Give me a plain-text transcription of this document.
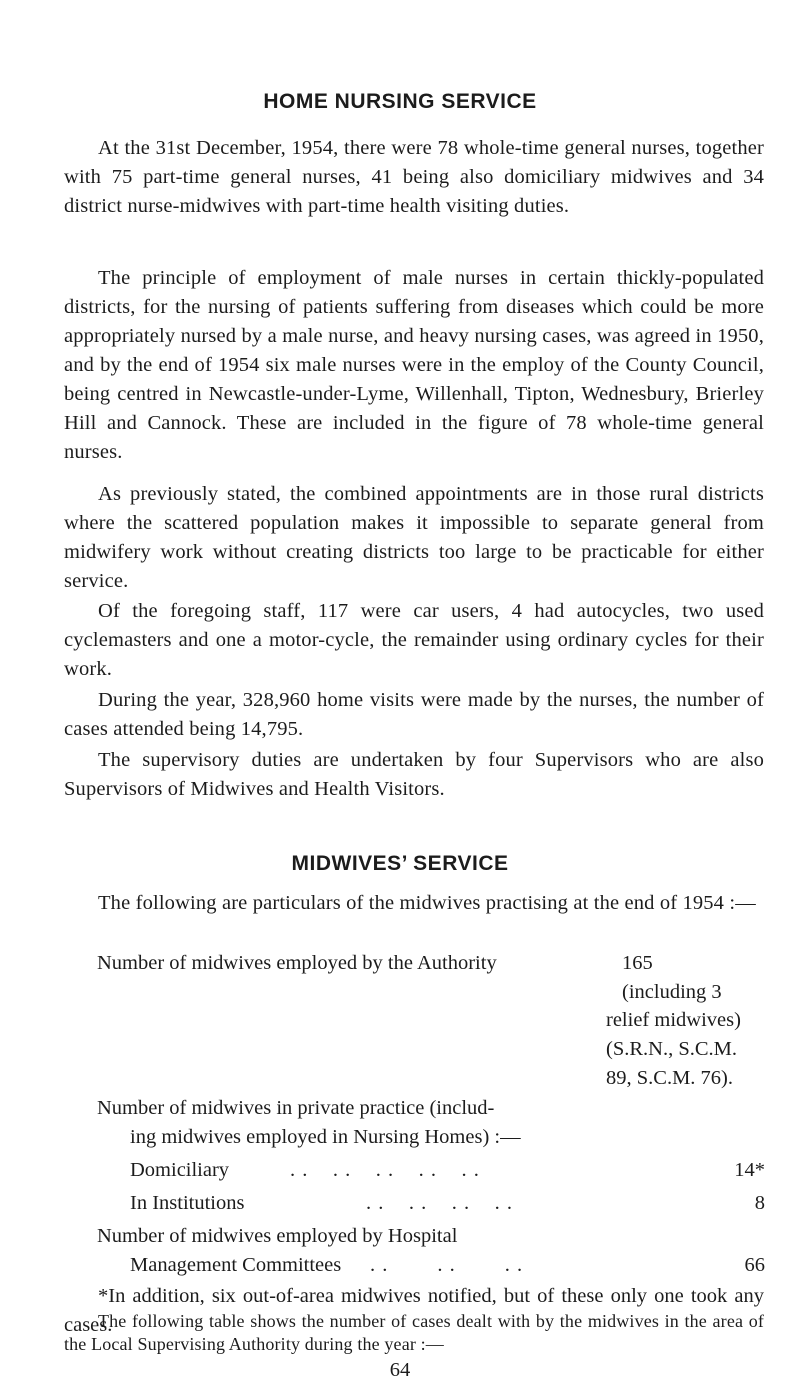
HOME NURSING SERVICE

At the 31st December, 1954, there were 78 whole-time general nurses, together with 75 part-time general nurses, 41 being also domiciliary midwives and 34 district nurse-midwives with part-time health visiting duties.

The principle of employment of male nurses in certain thickly-populated districts, for the nursing of patients suffering from diseases which could be more appropriately nursed by a male nurse, and heavy nursing cases, was agreed in 1950, and by the end of 1954 six male nurses were in the employ of the County Council, being centred in Newcastle-under-Lyme, Willenhall, Tipton, Wednesbury, Brierley Hill and Cannock. These are included in the figure of 78 whole-time general nurses.

As previously stated, the combined appointments are in those rural districts where the scattered population makes it impossible to separate general from midwifery work without creating districts too large to be practicable for either service.

Of the foregoing staff, 117 were car users, 4 had autocycles, two used cyclemasters and one a motor-cycle, the remainder using ordinary cycles for their work.

During the year, 328,960 home visits were made by the nurses, the number of cases attended being 14,795.

The supervisory duties are undertaken by four Supervisors who are also Supervisors of Midwives and Health Visitors.

MIDWIVES’ SERVICE

The following are particulars of the midwives practising at the end of 1954 :—

Number of midwives employed by the Authority	165
(including 3
relief midwives)
(S.R.N., S.C.M.
89, S.C.M. 76).
Number of midwives in private practice (includ-
ing midwives employed in Nursing Homes) :—
Domiciliary	. .    . .    . .    . .    . .	14*
In Institutions	. .    . .    . .    . .	8
Number of midwives employed by Hospital
Management Committees . .        . .        . .	66

*In addition, six out-of-area midwives notified, but of these only one took any cases.

The following table shows the number of cases dealt with by the midwives in the area of the Local Supervising Authority during the year :—

64
